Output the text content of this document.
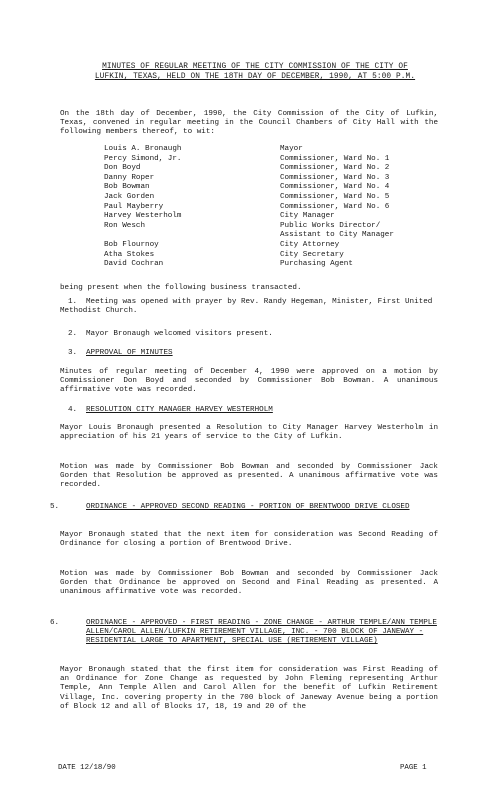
MINUTES OF REGULAR MEETING OF THE CITY COMMISSION OF THE CITY OF
LUFKIN, TEXAS, HELD ON THE 18TH DAY OF DECEMBER, 1990, AT 5:00 P.M.
On the 18th day of December, 1990, the City Commission of the City of Lufkin, Texas, convened in regular meeting in the Council Chambers of City Hall with the following members thereof, to wit:
Louis A. Bronaugh	Mayor
Percy Simond, Jr.	Commissioner, Ward No. 1
Don Boyd	Commissioner, Ward No. 2
Danny Roper	Commissioner, Ward No. 3
Bob Bowman	Commissioner, Ward No. 4
Jack Gorden	Commissioner, Ward No. 5
Paul Mayberry	Commissioner, Ward No. 6
Harvey Westerholm	City Manager
Ron Wesch	Public Works Director/
Assistant to City Manager
Bob Flournoy	City Attorney
Atha Stokes	City Secretary
David Cochran	Purchasing Agent
being present when the following business transacted.
1. Meeting was opened with prayer by Rev. Randy Hegeman, Minister, First United Methodist Church.
2. Mayor Bronaugh welcomed visitors present.
3. APPROVAL OF MINUTES
Minutes of regular meeting of December 4, 1990 were approved on a motion by Commissioner Don Boyd and seconded by Commissioner Bob Bowman. A unanimous affirmative vote was recorded.
4. RESOLUTION CITY MANAGER HARVEY WESTERHOLM
Mayor Louis Bronaugh presented a Resolution to City Manager Harvey Westerholm in appreciation of his 21 years of service to the City of Lufkin.
Motion was made by Commissioner Bob Bowman and seconded by Commissioner Jack Gorden that Resolution be approved as presented. A unanimous affirmative vote was recorded.
5.	ORDINANCE - APPROVED SECOND READING - PORTION OF BRENTWOOD DRIVE CLOSED
Mayor Bronaugh stated that the next item for consideration was Second Reading of Ordinance for closing a portion of Brentwood Drive.
Motion was made by Commissioner Bob Bowman and seconded by Commissioner Jack Gorden that Ordinance be approved on Second and Final Reading as presented. A unanimous affirmative vote was recorded.
6.	ORDINANCE - APPROVED - FIRST READING - ZONE CHANGE - ARTHUR TEMPLE/ANN TEMPLE ALLEN/CAROL ALLEN/LUFKIN RETIREMENT VILLAGE, INC. - 700 BLOCK OF JANEWAY - RESIDENTIAL LARGE TO APARTMENT, SPECIAL USE (RETIREMENT VILLAGE)
Mayor Bronaugh stated that the first item for consideration was First Reading of an Ordinance for Zone Change as requested by John Fleming representing Arthur Temple, Ann Temple Allen and Carol Allen for the benefit of Lufkin Retirement Village, Inc. covering property in the 700 block of Janeway Avenue being a portion of Block 12 and all of Blocks 17, 18, 19 and 20 of the
DATE 12/18/90	PAGE 1
